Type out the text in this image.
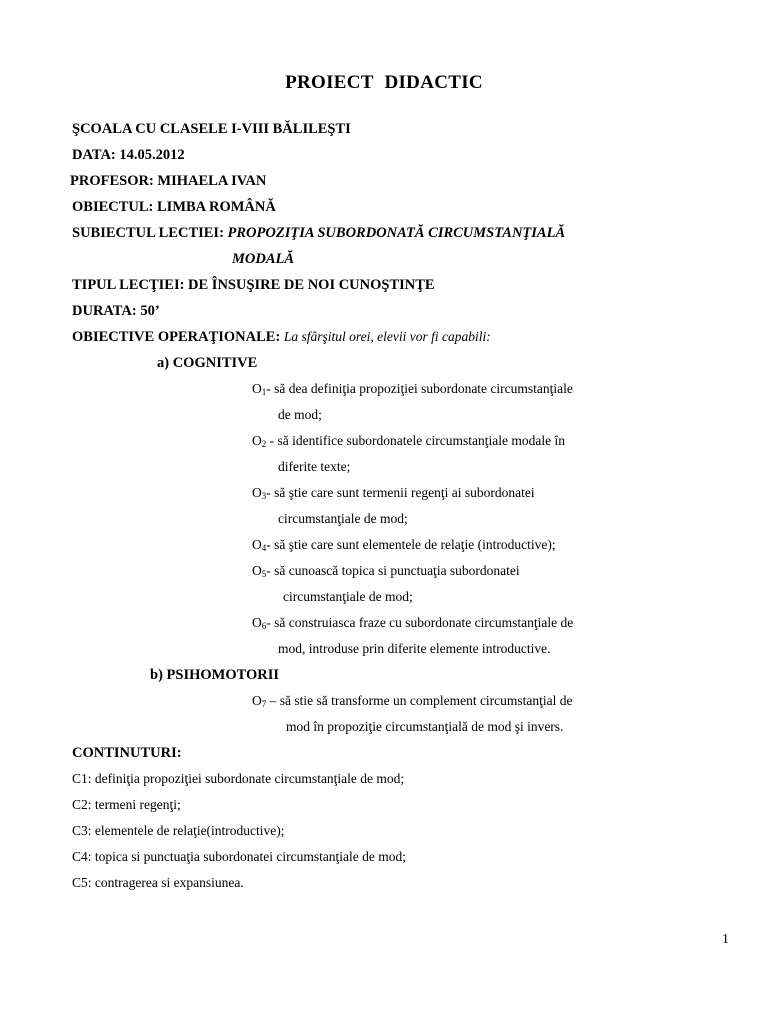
PROIECT DIDACTIC
ŞCOALA CU CLASELE I-VIII BĂLILEŞTI
DATA: 14.05.2012
PROFESOR: MIHAELA IVAN
OBIECTUL: LIMBA ROMÂNĂ
SUBIECTUL LECTIEI: PROPOZIŢIA SUBORDONATĂ CIRCUMSTANŢIALĂ
MODALĂ
TIPUL LECŢIEI: DE ÎNSUŞIRE DE NOI CUNOŞTINŢE
DURATA: 50’
OBIECTIVE OPERAŢIONALE: La sfârşitul orei, elevii vor fi capabili:
a) COGNITIVE
$O_1-$ să dea definiţia propoziţiei subordonate circumstanţiale
de mod;
$O_2$ - să identifice subordonatele circumstanţiale modale în
diferite texte;
$O_3-$ să ştie care sunt termenii regenţi ai subordonatei
circumstanţiale de mod;
$O_4-$ să ştie care sunt elementele de relaţie (introductive);
$O_5-$ să cunoască topica si punctuaţia subordonatei
circumstanţiale de mod;
$O_6-$ să construiasca fraze cu subordonate circumstanţiale de
mod, introduse prin diferite elemente introductive.
b) PSIHOMOTORII
$O_7$ – să stie să transforme un complement circumstanţial de
mod în propoziţie circumstanţială de mod şi invers.
CONTINUTURI:
C1: definiţia propoziţiei subordonate circumstanţiale de mod;
C2: termeni regenţi;
C3: elementele de relaţie(introductive);
C4: topica si punctuaţia subordonatei circumstanţiale de mod;
C5: contragerea si expansiunea.
1
